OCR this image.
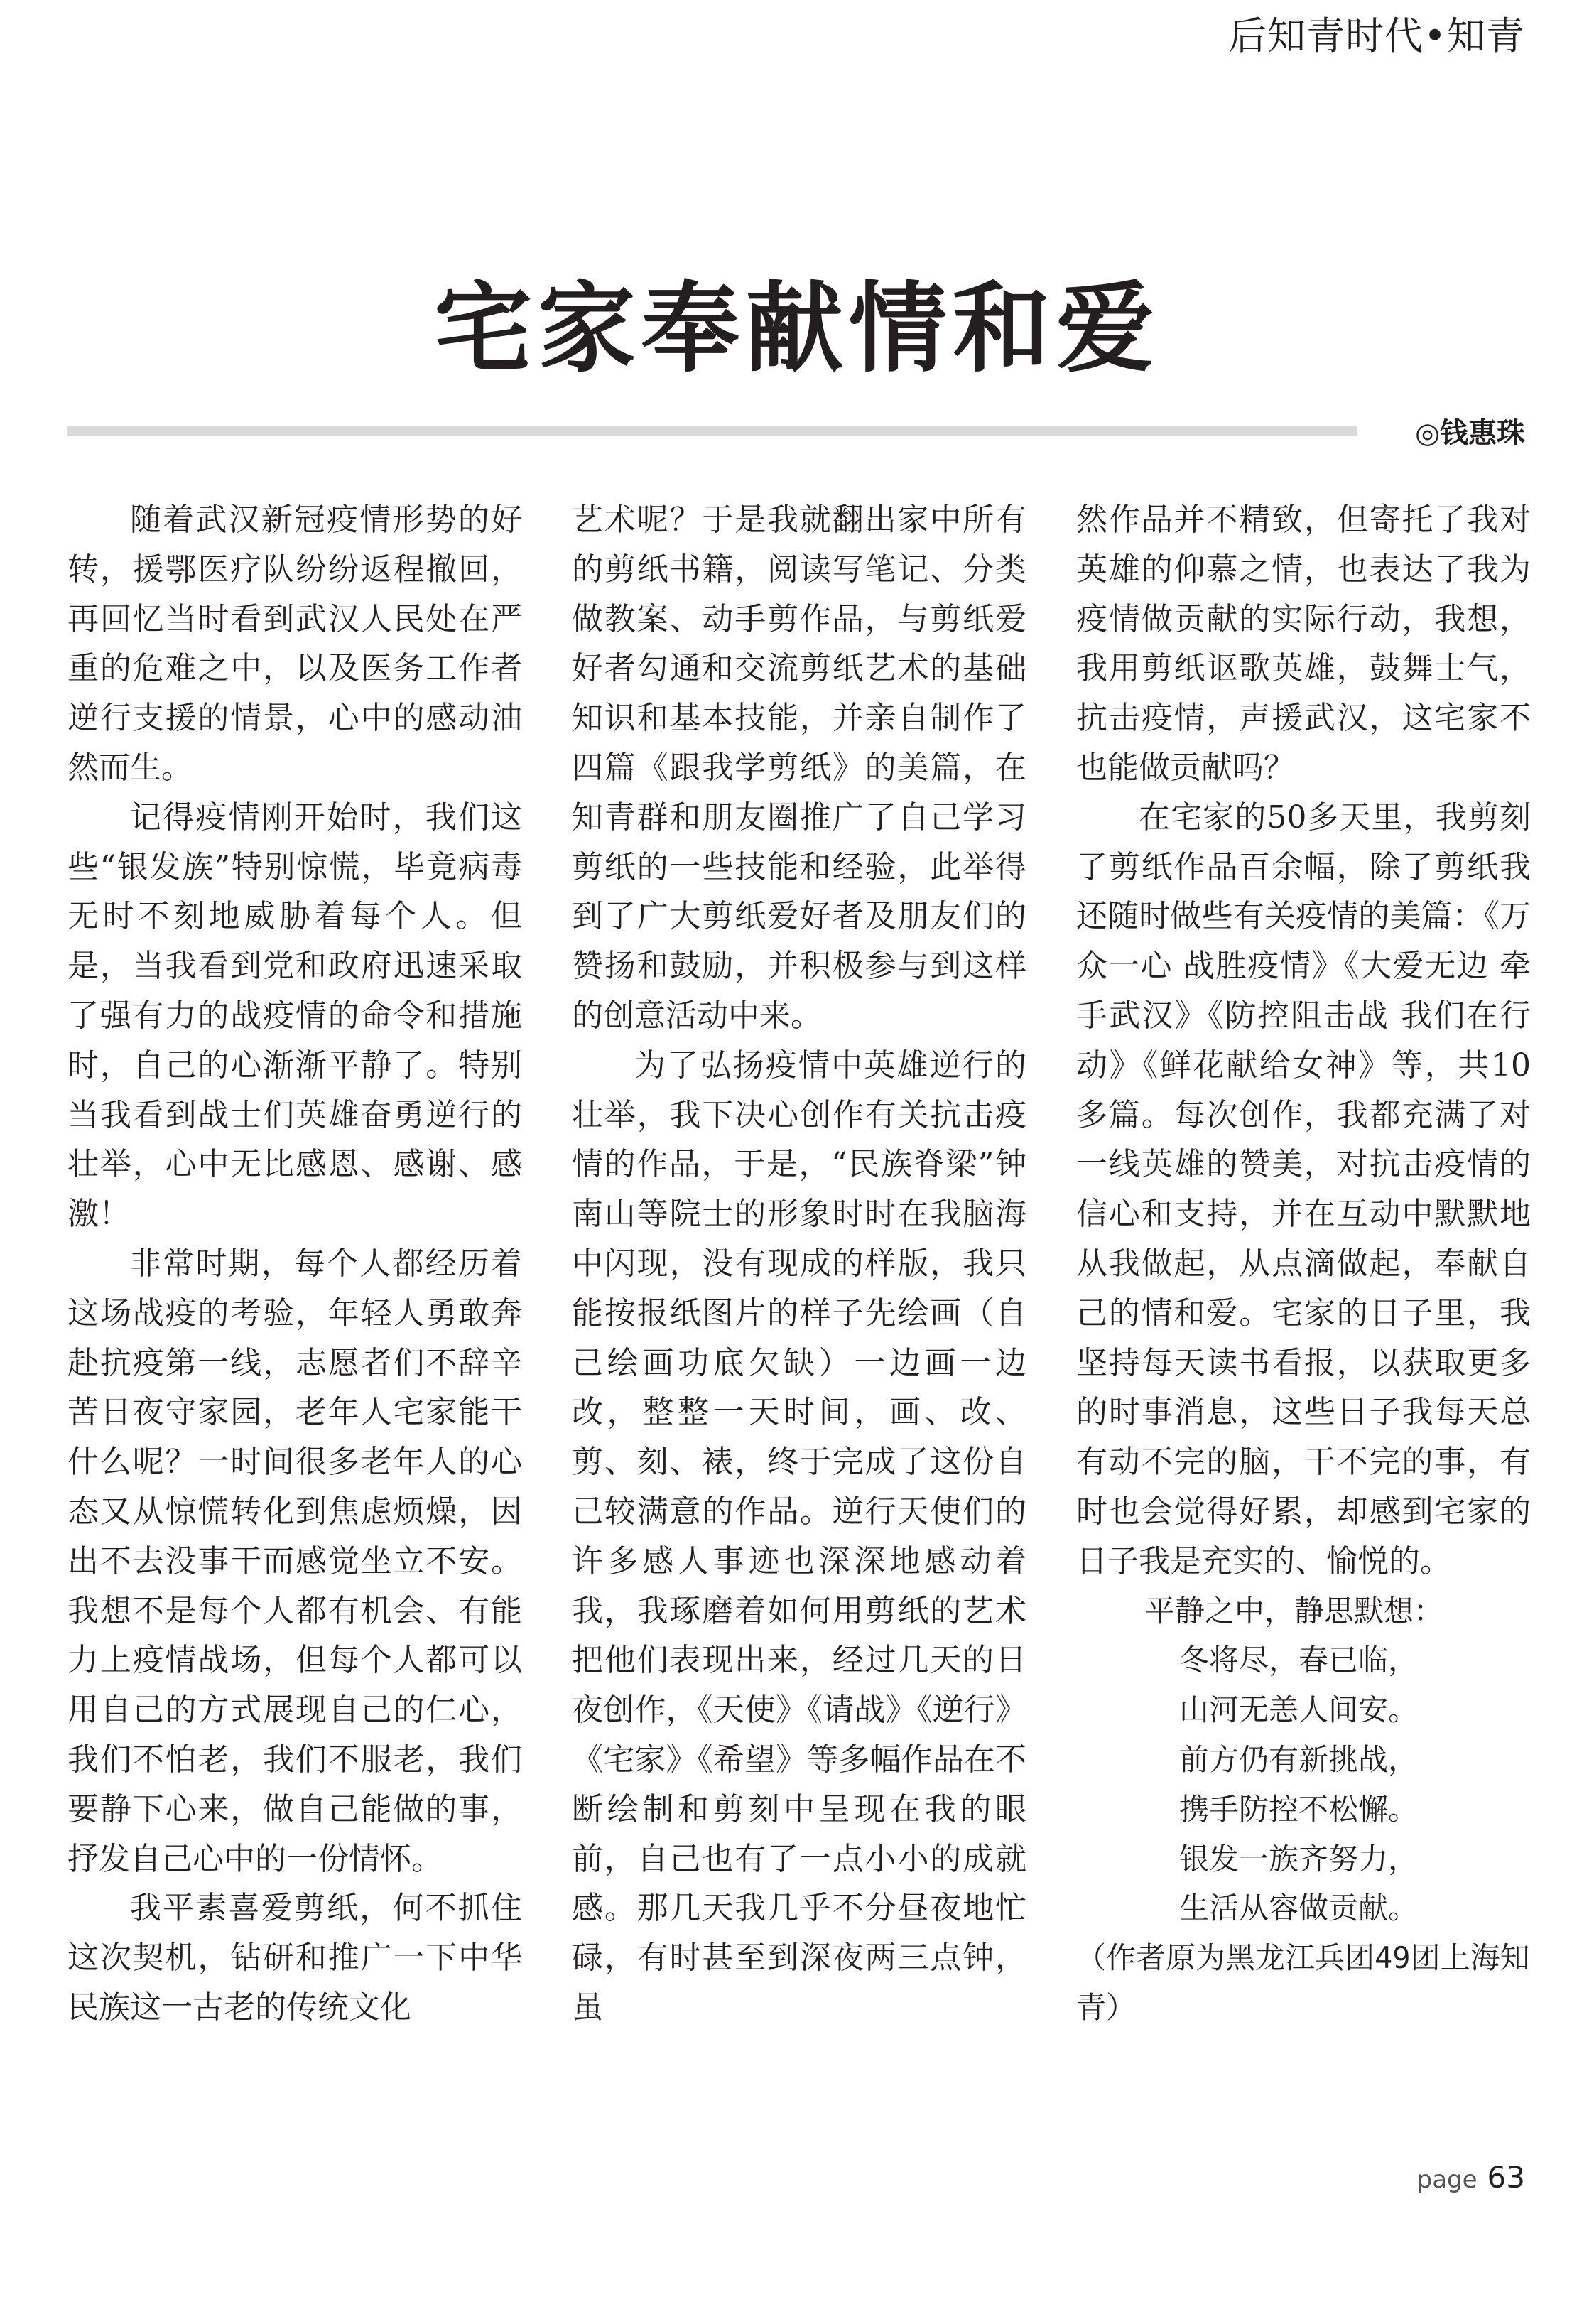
后知青时代•知青
宅家奉献情和爱
◎钱惠珠

随着武汉新冠疫情形势的好转，援鄂医疗队纷纷返程撤回，再回忆当时看到武汉人民处在严重的危难之中，以及医务工作者逆行支援的情景，心中的感动油然而生。

记得疫情刚开始时，我们这些“银发族”特别惊慌，毕竟病毒无时不刻地威胁着每个人。但是，当我看到党和政府迅速采取了强有力的战疫情的命令和措施时，自己的心渐渐平静了。特别当我看到战士们英雄奋勇逆行的壮举，心中无比感恩、感谢、感激！

非常时期，每个人都经历着这场战疫的考验，年轻人勇敢奔赴抗疫第一线，志愿者们不辞辛苦日夜守家园，老年人宅家能干什么呢？一时间很多老年人的心态又从惊慌转化到焦虑烦燥，因出不去没事干而感觉坐立不安。我想不是每个人都有机会、有能力上疫情战场，但每个人都可以用自己的方式展现自己的仁心，我们不怕老，我们不服老，我们要静下心来，做自己能做的事，抒发自己心中的一份情怀。

我平素喜爱剪纸，何不抓住这次契机，钻研和推广一下中华民族这一古老的传统文化

艺术呢？于是我就翻出家中所有的剪纸书籍，阅读写笔记、分类做教案、动手剪作品，与剪纸爱好者勾通和交流剪纸艺术的基础知识和基本技能，并亲自制作了四篇《跟我学剪纸》的美篇，在知青群和朋友圈推广了自己学习剪纸的一些技能和经验，此举得到了广大剪纸爱好者及朋友们的赞扬和鼓励，并积极参与到这样的创意活动中来。

为了弘扬疫情中英雄逆行的壮举，我下决心创作有关抗击疫情的作品，于是，“民族脊梁”钟南山等院士的形象时时在我脑海中闪现，没有现成的样版，我只能按报纸图片的样子先绘画（自己绘画功底欠缺）一边画一边改，整整一天时间，画、改、剪、刻、裱，终于完成了这份自己较满意的作品。逆行天使们的许多感人事迹也深深地感动着我，我琢磨着如何用剪纸的艺术把他们表现出来，经过几天的日夜创作，《天使》《请战》《逆行》《宅家》《希望》等多幅作品在不断绘制和剪刻中呈现在我的眼前，自己也有了一点小小的成就感。那几天我几乎不分昼夜地忙碌，有时甚至到深夜两三点钟，虽

然作品并不精致，但寄托了我对英雄的仰慕之情，也表达了我为疫情做贡献的实际行动，我想，我用剪纸讴歌英雄，鼓舞士气，抗击疫情，声援武汉，这宅家不也能做贡献吗？

在宅家的50多天里，我剪刻了剪纸作品百余幅，除了剪纸我还随时做些有关疫情的美篇：《万众一心 战胜疫情》《大爱无边 牵手武汉》《防控阻击战 我们在行动》《鲜花献给女神》等，共10多篇。每次创作，我都充满了对一线英雄的赞美，对抗击疫情的信心和支持，并在互动中默默地从我做起，从点滴做起，奉献自己的情和爱。宅家的日子里，我坚持每天读书看报，以获取更多的时事消息，这些日子我每天总有动不完的脑，干不完的事，有时也会觉得好累，却感到宅家的日子我是充实的、愉悦的。

平静之中，静思默想：
冬将尽，春已临，
山河无恙人间安。
前方仍有新挑战，
携手防控不松懈。
银发一族齐努力，
生活从容做贡献。

（作者原为黑龙江兵团49团上海知青）

page 63
